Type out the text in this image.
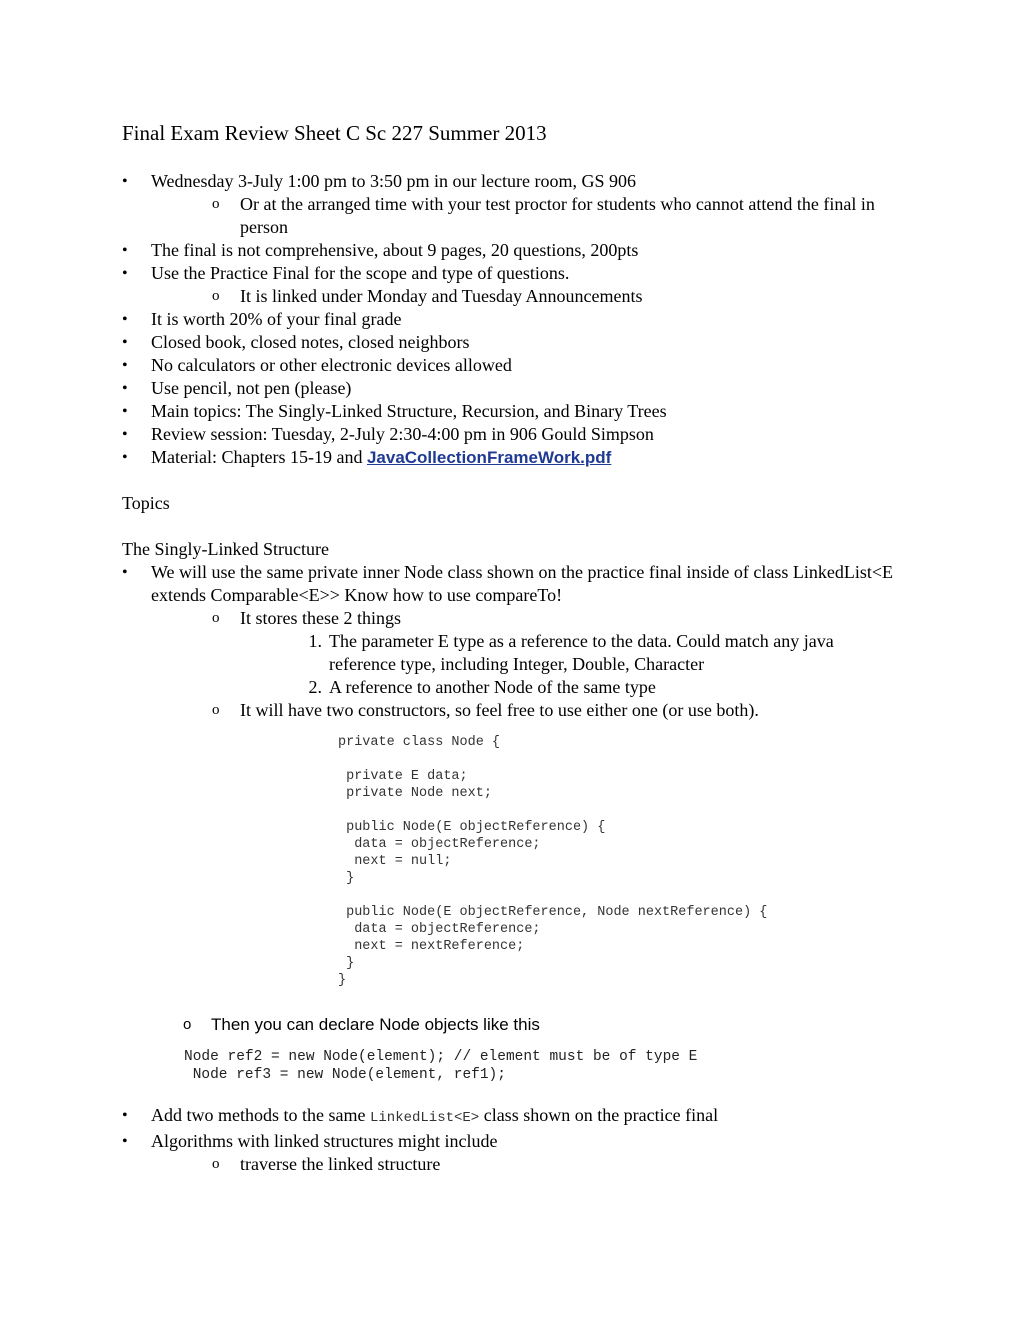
Final Exam Review Sheet C Sc 227 Summer 2013
• Wednesday 3-July 1:00 pm to 3:50 pm in our lecture room, GS 906
o Or at the arranged time with your test proctor for students who cannot attend the final in person
• The final is not comprehensive, about 9 pages, 20 questions, 200pts
• Use the Practice Final for the scope and type of questions.
o It is linked under Monday and Tuesday Announcements
• It is worth 20% of your final grade
• Closed book, closed notes, closed neighbors
• No calculators or other electronic devices allowed
• Use pencil, not pen (please)
• Main topics: The Singly-Linked Structure, Recursion, and Binary Trees
• Review session: Tuesday, 2-July 2:30-4:00 pm in 906 Gould Simpson
• Material: Chapters 15-19 and JavaCollectionFrameWork.pdf
Topics
The Singly-Linked Structure
• We will use the same private inner Node class shown on the practice final inside of class LinkedList<E extends Comparable<E>> Know how to use compareTo!
o It stores these 2 things
1. The parameter E type as a reference to the data. Could match any java reference type, including Integer, Double, Character
2. A reference to another Node of the same type
o It will have two constructors, so feel free to use either one (or use both).
private class Node {

private E data;
private Node next;

public Node(E objectReference) {
data = objectReference;
next = null;
}

public Node(E objectReference, Node nextReference) {
data = objectReference;
next = nextReference;
}
}
o Then you can declare Node objects like this
Node ref2 = new Node(element); // element must be of type E
Node ref3 = new Node(element, ref1);
• Add two methods to the same LinkedList<E> class shown on the practice final
• Algorithms with linked structures might include
o traverse the linked structure
